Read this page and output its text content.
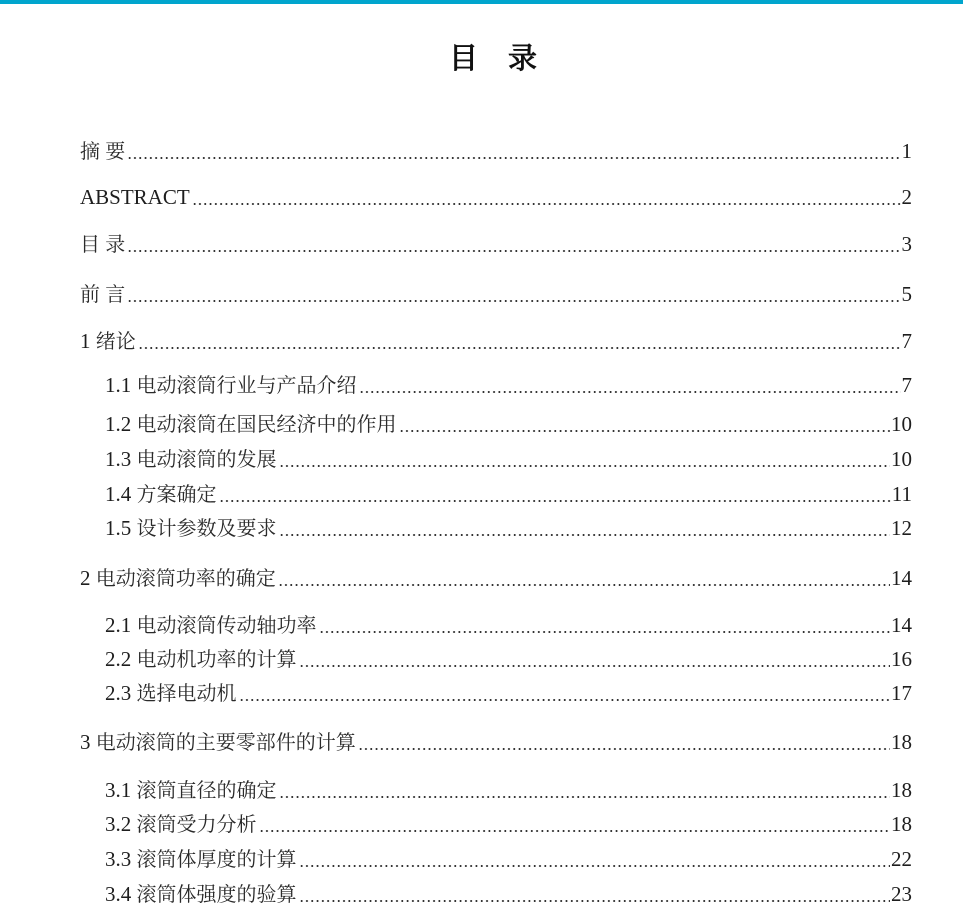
目 录
摘 要	1
ABSTRACT	2
目 录	3
前 言	5
1 绪论	7
1.1 电动滚筒行业与产品介绍	7
1.2 电动滚筒在国民经济中的作用	10
1.3 电动滚筒的发展	10
1.4 方案确定	11
1.5 设计参数及要求	12
2 电动滚筒功率的确定	14
2.1 电动滚筒传动轴功率	14
2.2 电动机功率的计算	16
2.3 选择电动机	17
3 电动滚筒的主要零部件的计算	18
3.1 滚筒直径的确定	18
3.2 滚筒受力分析	18
3.3 滚筒体厚度的计算	22
3.4 滚筒体强度的验算	23
